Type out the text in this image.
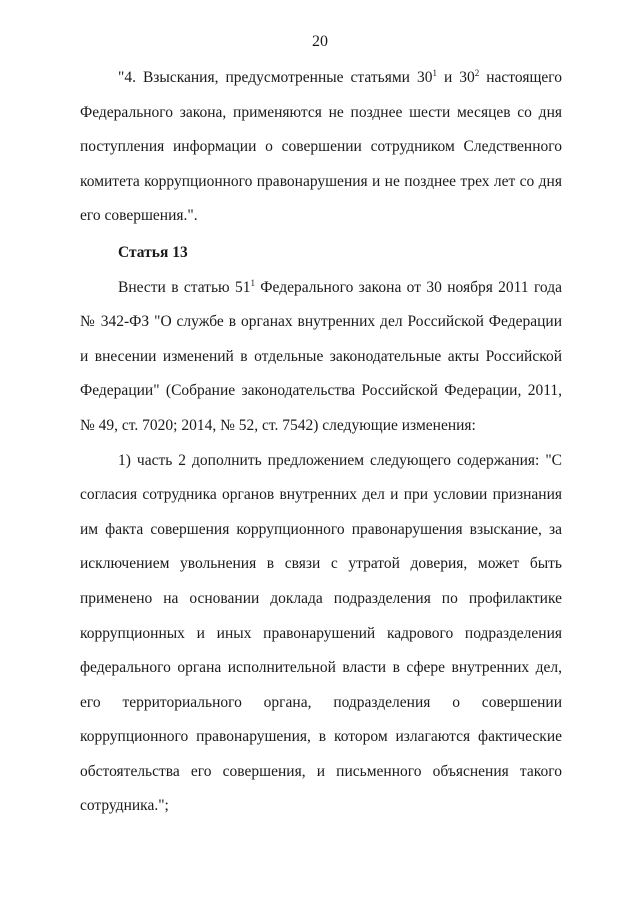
20

"4. Взыскания, предусмотренные статьями $30^1$ и $30^2$ настоящего Федерального закона, применяются не позднее шести месяцев со дня поступления информации о совершении сотрудником Следственного комитета коррупционного правонарушения и не позднее трех лет со дня его совершения.".

Статья 13

Внести в статью $51^1$ Федерального закона от 30 ноября 2011 года № 342-ФЗ "О службе в органах внутренних дел Российской Федерации и внесении изменений в отдельные законодательные акты Российской Федерации" (Собрание законодательства Российской Федерации, 2011, № 49, ст. 7020; 2014, № 52, ст. 7542) следующие изменения:

1) часть 2 дополнить предложением следующего содержания: "С согласия сотрудника органов внутренних дел и при условии признания им факта совершения коррупционного правонарушения взыскание, за исключением увольнения в связи с утратой доверия, может быть применено на основании доклада подразделения по профилактике коррупционных и иных правонарушений кадрового подразделения федерального органа исполнительной власти в сфере внутренних дел, его территориального органа, подразделения о совершении коррупционного правонарушения, в котором излагаются фактические обстоятельства его совершения, и письменного объяснения такого сотрудника.";
